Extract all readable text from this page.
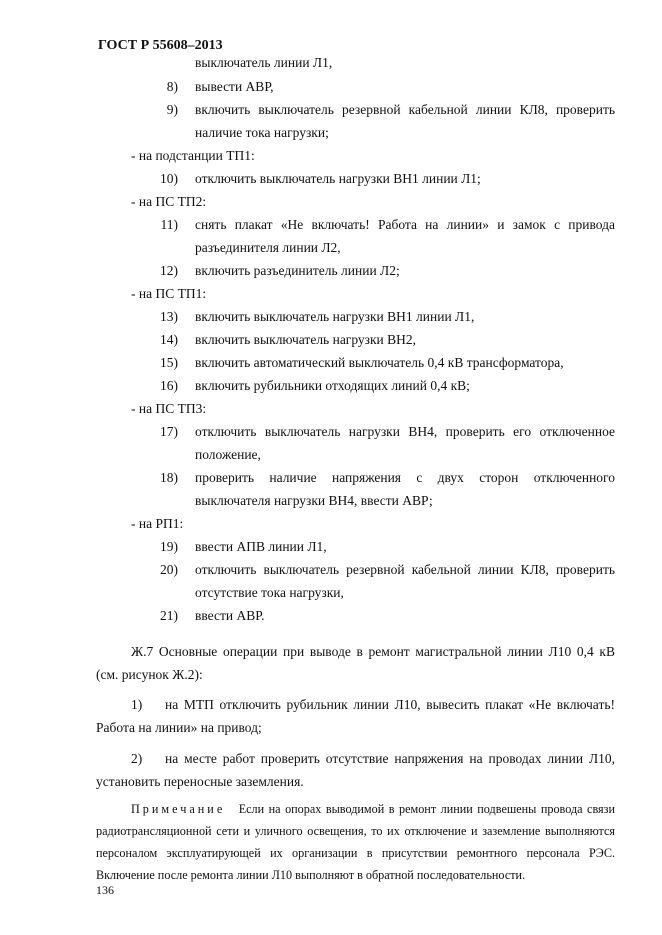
ГОСТ Р 55608–2013
выключатель линии Л1,
8) вывести АВР,
9) включить выключатель резервной кабельной линии КЛ8, проверить
наличие тока нагрузки;
- на подстанции ТП1:
10) отключить выключатель нагрузки ВН1 линии Л1;
- на ПС ТП2:
11) снять плакат «Не включать! Работа на линии» и замок с привода
разъединителя линии Л2,
12) включить разъединитель линии Л2;
- на ПС ТП1:
13) включить выключатель нагрузки ВН1 линии Л1,
14) включить выключатель нагрузки ВН2,
15) включить автоматический выключатель 0,4 кВ трансформатора,
16) включить рубильники отходящих линий 0,4 кВ;
- на ПС ТП3:
17) отключить выключатель нагрузки ВН4, проверить его отключенное
положение,
18) проверить наличие напряжения с двух сторон отключенного
выключателя нагрузки ВН4, ввести АВР;
- на РП1:
19) ввести АПВ линии Л1,
20) отключить выключатель резервной кабельной линии КЛ8, проверить
отсутствие тока нагрузки,
21) ввести АВР.
Ж.7 Основные операции при выводе в ремонт магистральной линии Л10 0,4 кВ
(см. рисунок Ж.2):
1) на МТП отключить рубильник линии Л10, вывесить плакат «Не включать!
Работа на линии» на привод;
2) на месте работ проверить отсутствие напряжения на проводах линии Л10,
установить переносные заземления.
Примечание Если на опорах выводимой в ремонт линии подвешены провода связи
радиотрансляционной сети и уличного освещения, то их отключение и заземление выполняются
персоналом эксплуатирующей их организации в присутствии ремонтного персонала РЭС.
Включение после ремонта линии Л10 выполняют в обратной последовательности.
136
